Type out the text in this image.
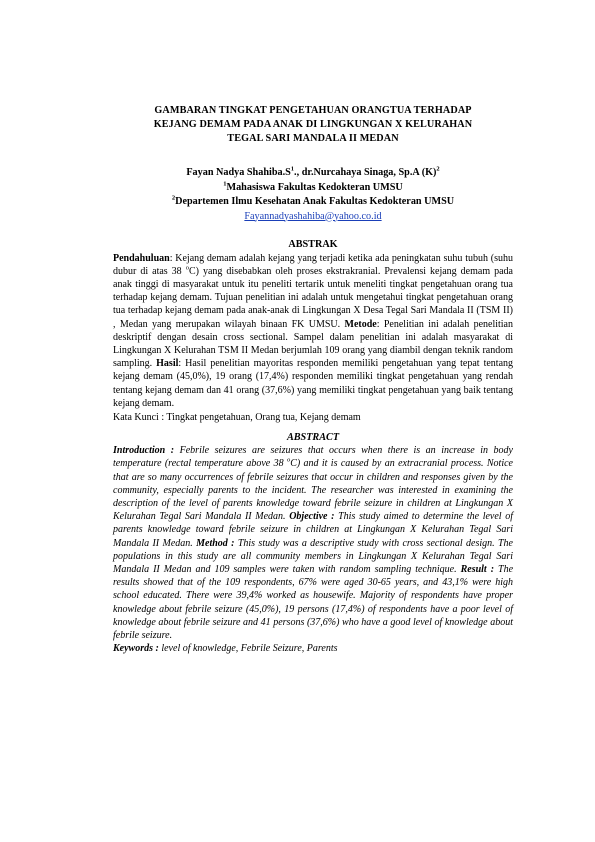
GAMBARAN TINGKAT PENGETAHUAN ORANGTUA TERHADAP
KEJANG DEMAM PADA ANAK DI LINGKUNGAN X KELURAHAN
TEGAL SARI MANDALA II MEDAN
Fayan Nadya $Shahiba.S^1$., dr.Nurcahaya Sinaga, Sp.A $(K)^2$
$^1$Mahasiswa Fakultas Kedokteran UMSU
$^2$Departemen Ilmu Kesehatan Anak Fakultas Kedokteran UMSU
Fayannadyashahiba@yahoo.co.id
ABSTRAK
Pendahuluan: Kejang demam adalah kejang yang terjadi ketika ada peningkatan suhu tubuh (suhu dubur di atas 38 $^o$C) yang disebabkan oleh proses ekstrakranial. Prevalensi kejang demam pada anak tinggi di masyarakat untuk itu peneliti tertarik untuk meneliti tingkat pengetahuan orang tua terhadap kejang demam. Tujuan penelitian ini adalah untuk mengetahui tingkat pengetahuan orang tua terhadap kejang demam pada anak-anak di Lingkungan X Desa Tegal Sari Mandala II (TSM II) , Medan yang merupakan wilayah binaan FK UMSU. Metode: Penelitian ini adalah penelitian deskriptif dengan desain cross sectional. Sampel dalam penelitian ini adalah masyarakat di Lingkungan X Kelurahan TSM II Medan berjumlah 109 orang yang diambil dengan teknik random sampling. Hasil: Hasil penelitian mayoritas responden memiliki pengetahuan yang tepat tentang kejang demam (45,0%), 19 orang (17,4%) responden memiliki tingkat pengetahuan yang rendah tentang kejang demam dan 41 orang (37,6%) yang memiliki tingkat pengetahuan yang baik tentang kejang demam.
Kata Kunci : Tingkat pengetahuan, Orang tua, Kejang demam
ABSTRACT
Introduction : Febrile seizures are seizures that occurs when there is an increase in body temperature (rectal temperature above 38 $^o$C) and it is caused by an extracranial process. Notice that are so many occurrences of febrile seizures that occur in children and responses given by the community, especially parents to the incident. The researcher was interested in examining the description of the level of parents knowledge toward febrile seizure in children at Lingkungan X Kelurahan Tegal Sari Mandala II Medan. Objective : This study aimed to determine the level of parents knowledge toward febrile seizure in children at Lingkungan X Kelurahan Tegal Sari Mandala II Medan. Method : This study was a descriptive study with cross sectional design. The populations in this study are all community members in Lingkungan X Kelurahan Tegal Sari Mandala II Medan and 109 samples were taken with random sampling technique. Result : The results showed that of the 109 respondents, 67% were aged 30-65 years, and 43,1% were high school educated. There were 39,4% worked as housewife. Majority of respondents have proper knowledge about febrile seizure (45,0%), 19 persons (17,4%) of respondents have a poor level of knowledge about febrile seizure and 41 persons (37,6%) who have a good level of knowledge about febrile seizure.
Keywords : level of knowledge, Febrile Seizure, Parents
